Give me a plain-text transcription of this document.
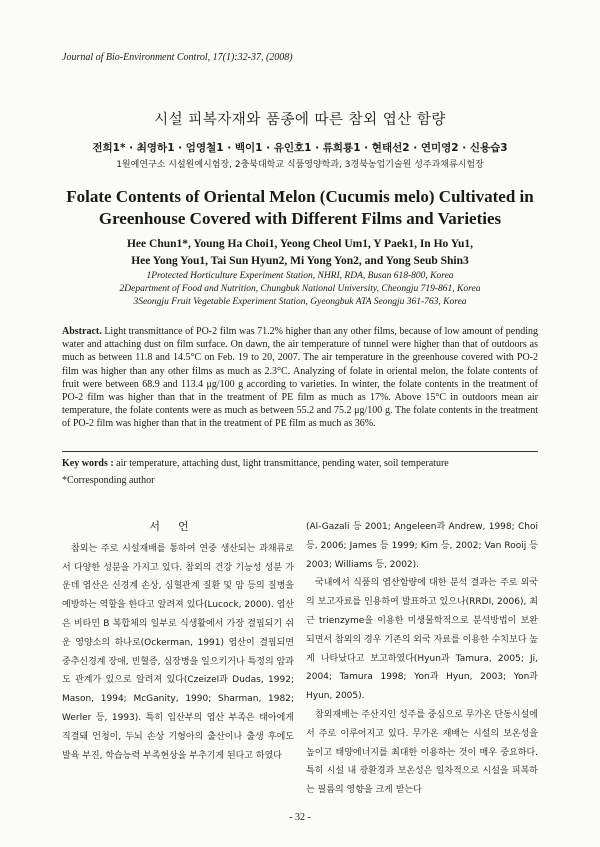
Journal of Bio-Environment Control, 17(1):32-37, (2008)
시설 피복자재와 품종에 따른 참외 엽산 함량
전희1* · 최영하1 · 엄영철1 · 백이1 · 유인호1 · 류희룡1 · 현태선2 · 연미영2 · 신용습3
1원예연구소 시설원예시험장, 2충북대학교 식품영양학과, 3경북농업기술원 성주과채류시험장
Folate Contents of Oriental Melon (Cucumis melo) Cultivated in
Greenhouse Covered with Different Films and Varieties
Hee Chun1*, Young Ha Choi1, Yeong Cheol Um1, Y Paek1, In Ho Yu1,
Hee Yong You1, Tai Sun Hyun2, Mi Yong Yon2, and Yong Seub Shin3
1Protected Horticulture Experiment Station, NHRI, RDA, Busan 618-800, Korea
2Department of Food and Nutrition, Chungbuk National University, Cheongju 719-861, Korea
3Seongju Fruit Vegetable Experiment Station, Gyeongbuk ATA Seongju 361-763, Korea
Abstract. Light transmittance of PO-2 film was 71.2% higher than any other films, because of low amount of pending water and attaching dust on film surface. On dawn, the air temperature of tunnel were higher than that of outdoors as much as between 11.8 and 14.5°C on Feb. 19 to 20, 2007. The air temperature in the greenhouse covered with PO-2 film was higher than any other films as much as 2.3°C. Analyzing of folate in oriental melon, the folate contents of fruit were between 68.9 and 113.4 μg/100 g according to varieties. In winter, the folate contents in the treatment of PO-2 film was higher than that in the treatment of PE film as much as 17%. Above 15°C in outdoors mean air temperature, the folate contents were as much as between 55.2 and 75.2 μg/100 g. The folate contents in the treatment of PO-2 film was higher than that in the treatment of PE film as much as 36%.
Key words : air temperature, attaching dust, light transmittance, pending water, soil temperature
*Corresponding author
서언

참외는 주로 시설재배를 통하여 연중 생산되는 과채류로서 다양한 성분을 가지고 있다. 참외의 건강 기능성 성분 가운데 엽산은 신경계 손상, 심혈관계 질환 및 암 등의 질병을 예방하는 역할을 한다고 알려져 있다(Lucock, 2000). 엽산은 비타민 B 복합체의 일부로 식생활에서 가장 결핍되기 쉬운 영양소의 하나로(Ockerman, 1991) 엽산이 결핍되면 중추신경계 장애, 빈혈증, 심장병을 일으키거나 특정의 암과도 관계가 있으로 알려져 있다(Czeizel과 Dudas, 1992; Mason, 1994; McGanity, 1990; Sharman, 1982; Werler 등, 1993). 특히 임산부의 엽산 부족은 태아에게 직결돼 언청이, 두뇌 손상 기형아의 출산이나 출생 후에도 발육 부진, 학습능력 부족현상을 부추기게 된다고 하였다

(Al-Gazali 등 2001; Angeleen과 Andrew, 1998; Choi 등, 2006; James 등 1999; Kim 등, 2002; Van Rooij 등 2003; Williams 등, 2002).

국내에서 식품의 엽산함량에 대한 분석 결과는 주로 외국의 보고자료를 인용하여 발표하고 있으나(RRDI, 2006), 최근 trienzyme을 이용한 미생물학적으로 분석방법이 보완되면서 참외의 경우 기존의 외국 자료를 이용한 수치보다 높게 나타났다고 보고하였다(Hyun과 Tamura, 2005; Ji, 2004; Tamura 1998; Yon과 Hyun, 2003; Yon과 Hyun, 2005).

참외재배는 주산지인 성주를 중심으로 무가온 단동시설에서 주로 이루어지고 있다. 무가온 재배는 시설의 보온성을 높이고 태양에너지를 최대한 이용하는 것이 매우 중요하다. 특히 시설 내 광환경과 보온성은 일차적으로 시설을 피복하는 필름의 영향을 크게 받는다

- 32 -
